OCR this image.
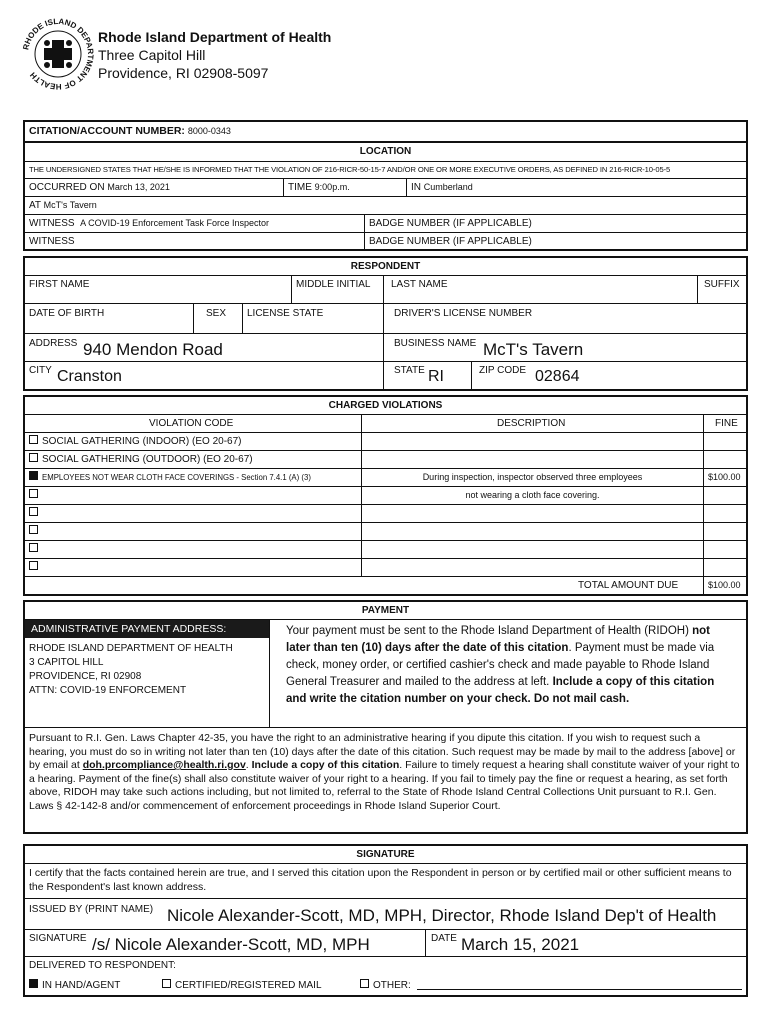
RHODE ISLAND DEPARTMENT OF HEALTH
Rhode Island Department of Health
Three Capitol Hill
Providence, RI 02908-5097
CITATION/ACCOUNT NUMBER: 8000-0343
LOCATION
THE UNDERSIGNED STATES THAT HE/SHE IS INFORMED THAT THE VIOLATION OF 216-RICR-50-15-7 AND/OR ONE OR MORE EXECUTIVE ORDERS, AS DEFINED IN 216-RICR-10-05-5
OCCURRED ON March 13, 2021	TIME 9:00p.m.	IN Cumberland
AT McT's Tavern
WITNESS A COVID-19 Enforcement Task Force Inspector	BADGE NUMBER (IF APPLICABLE)
WITNESS	BADGE NUMBER (IF APPLICABLE)
RESPONDENT
FIRST NAME	MIDDLE INITIAL LAST NAME	SUFFIX
DATE OF BIRTH	SEX LICENSE STATE	DRIVER'S LICENSE NUMBER
ADDRESS 940 Mendon Road	BUSINESS NAME McT's Tavern
CITY Cranston	STATE RI	ZIP CODE 02864
CHARGED VIOLATIONS
VIOLATION CODE	DESCRIPTION	FINE
SOCIAL GATHERING (INDOOR) (EO 20-67)
SOCIAL GATHERING (OUTDOOR) (EO 20-67)
EMPLOYEES NOT WEAR CLOTH FACE COVERINGS - Section 7.4.1 (A) (3)	During inspection, inspector observed three employees	$100.00
not wearing a cloth face covering.
TOTAL AMOUNT DUE	$100.00
PAYMENT
ADMINISTRATIVE PAYMENT ADDRESS:
RHODE ISLAND DEPARTMENT OF HEALTH
3 CAPITOL HILL
PROVIDENCE, RI 02908
ATTN: COVID-19 ENFORCEMENT
Your payment must be sent to the Rhode Island Department of Health (RIDOH) not later than ten (10) days after the date of this citation. Payment must be made via check, money order, or certified cashier's check and made payable to Rhode Island General Treasurer and mailed to the address at left. Include a copy of this citation and write the citation number on your check. Do not mail cash.
Pursuant to R.I. Gen. Laws Chapter 42-35, you have the right to an administrative hearing if you dipute this citation. If you wish to request such a hearing, you must do so in writing not later than ten (10) days after the date of this citation. Such request may be made by mail to the address [above] or by email at doh.prcompliance@health.ri.gov. Include a copy of this citation. Failure to timely request a hearing shall constitute waiver of your right to a hearing. Payment of the fine(s) shall also constitute waiver of your right to a hearing. If you fail to timely pay the fine or request a hearing, as set forth above, RIDOH may take such actions including, but not limited to, referral to the State of Rhode Island Central Collections Unit pursuant to R.I. Gen. Laws § 42-142-8 and/or commencement of enforcement proceedings in Rhode Island Superior Court.
SIGNATURE
I certify that the facts contained herein are true, and I served this citation upon the Respondent in person or by certified mail or other sufficient means to the Respondent's last known address.
ISSUED BY (PRINT NAME) Nicole Alexander-Scott, MD, MPH, Director, Rhode Island Dep't of Health
SIGNATURE /s/ Nicole Alexander-Scott, MD, MPH	DATE March 15, 2021
DELIVERED TO RESPONDENT:
IN HAND/AGENT	CERTIFIED/REGISTERED MAIL	OTHER:
